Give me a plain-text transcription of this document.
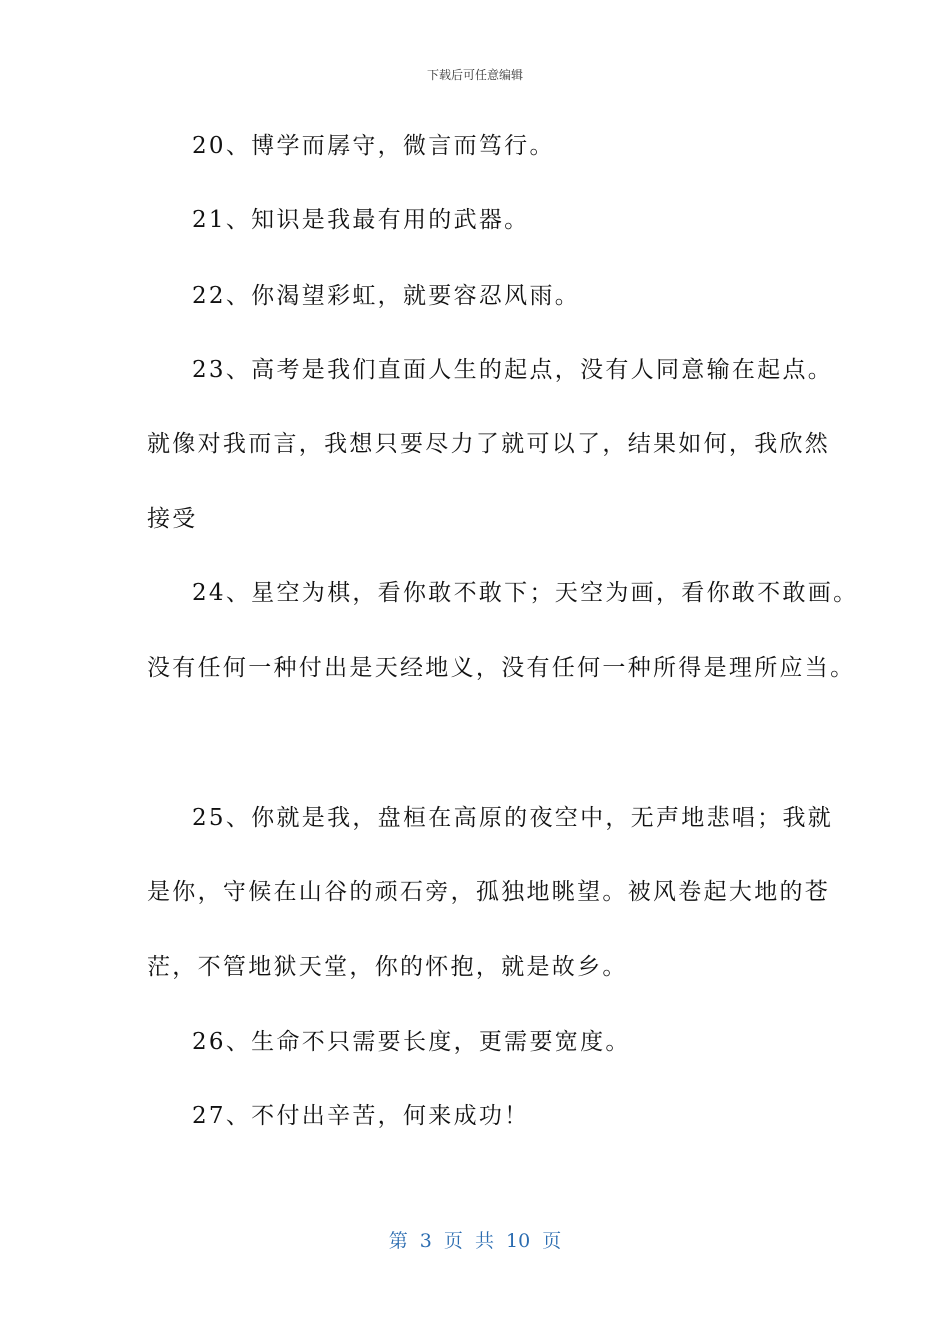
下载后可任意编辑
20、博学而孱守，微言而笃行。
21、知识是我最有用的武器。
22、你渴望彩虹，就要容忍风雨。
23、高考是我们直面人生的起点，没有人同意输在起点。
就像对我而言，我想只要尽力了就可以了，结果如何，我欣然
接受
24、星空为棋，看你敢不敢下；天空为画，看你敢不敢画。
没有任何一种付出是天经地义，没有任何一种所得是理所应当。
25、你就是我，盘桓在高原的夜空中，无声地悲唱；我就
是你，守候在山谷的顽石旁，孤独地眺望。被风卷起大地的苍
茫，不管地狱天堂，你的怀抱，就是故乡。
26、生命不只需要长度，更需要宽度。
27、不付出辛苦，何来成功！
第 3 页 共 10 页
